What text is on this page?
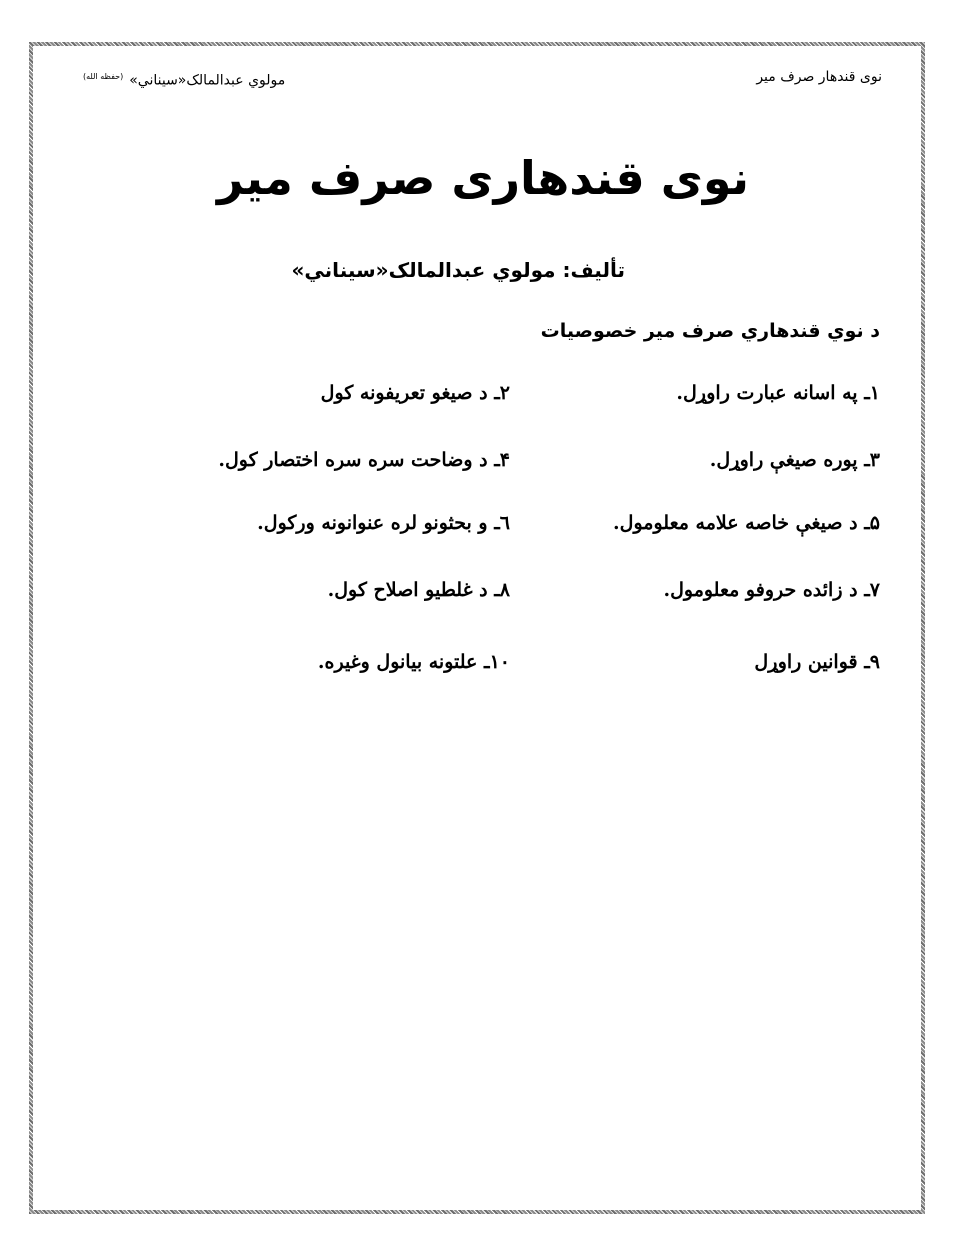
نوی قندهار صرف میر
مولوي عبدالمالک«سیناني»$^{(حفظه الله)}$
نوی قندهاری صرف میر
تألیف: مولوي عبدالمالک«سیناني»
د نوي قندهاري صرف میر خصوصیات
١ـ په اسانه عبارت راوړل.
٣ـ پوره صیغې راوړل.
۵ـ د صیغې خاصه علامه معلومول.
٧ـ د زائده حروفو معلومول.
٩ـ قوانین راوړل
٢ـ د صیغو تعریفونه کول
۴ـ د وضاحت سره سره اختصار کول.
٦ـ و بحثونو لره عنوانونه ورکول.
٨ـ د غلطیو اصلاح کول.
١٠ـ علتونه بیانول وغیره.
